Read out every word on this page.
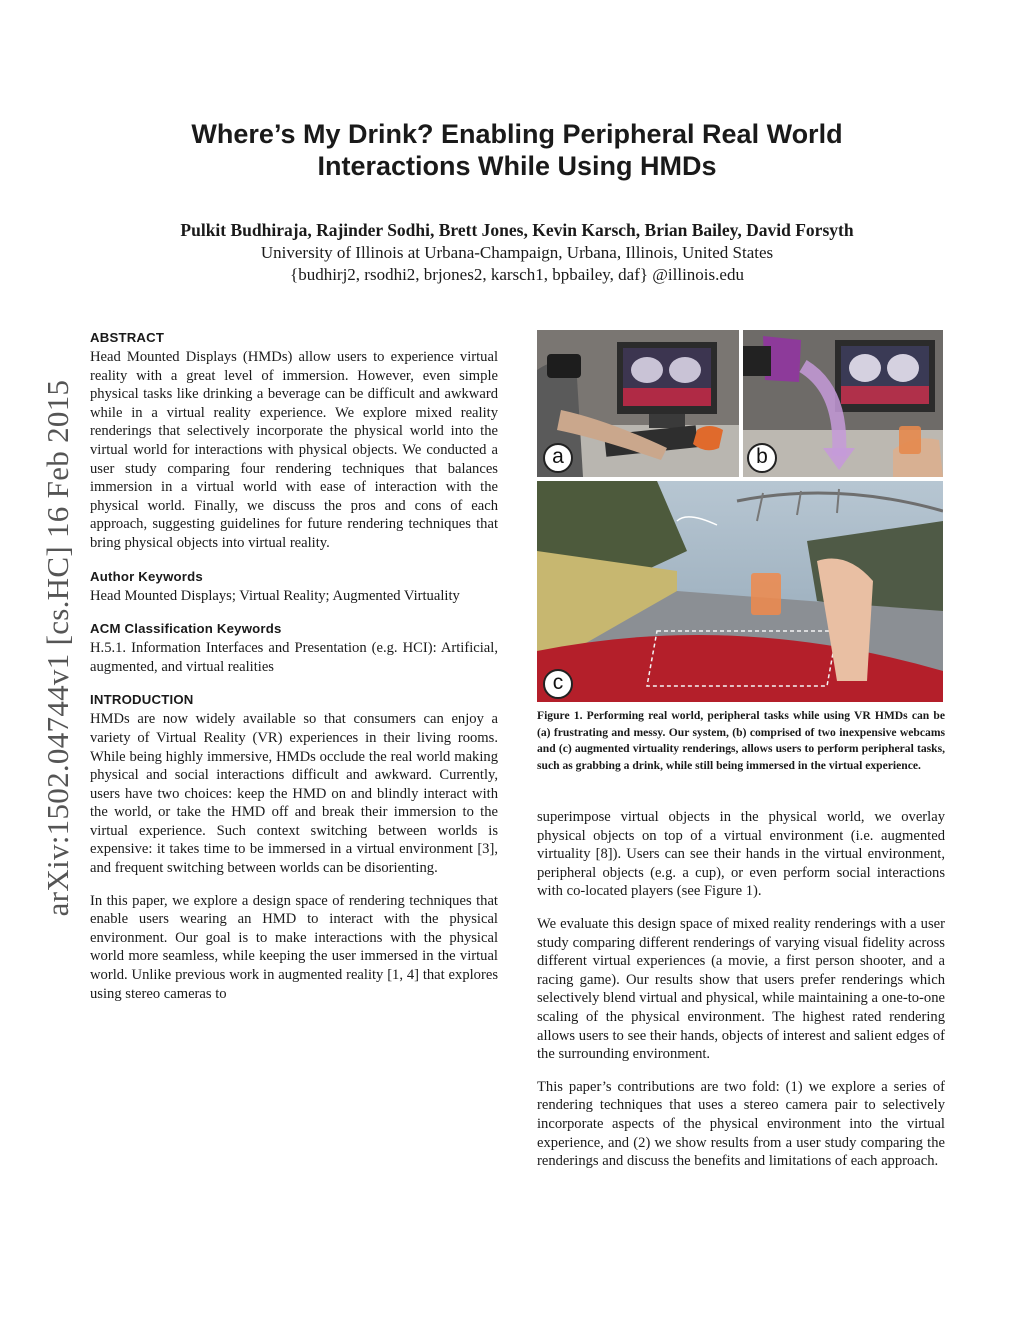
arXiv:1502.04744v1 [cs.HC] 16 Feb 2015
Where’s My Drink? Enabling Peripheral Real World
Interactions While Using HMDs

Pulkit Budhiraja, Rajinder Sodhi, Brett Jones, Kevin Karsch, Brian Bailey, David Forsyth

University of Illinois at Urbana-Champaign, Urbana, Illinois, United States

{budhirj2, rsodhi2, brjones2, karsch1, bpbailey, daf} @illinois.edu

ABSTRACT

Head Mounted Displays (HMDs) allow users to experience virtual reality with a great level of immersion. However, even simple physical tasks like drinking a beverage can be difficult and awkward while in a virtual reality experience. We explore mixed reality renderings that selectively incorporate the physical world into the virtual world for interactions with physical objects. We conducted a user study comparing four rendering techniques that balances immersion in a virtual world with ease of interaction with the physical world. Finally, we discuss the pros and cons of each approach, suggesting guidelines for future rendering techniques that bring physical objects into virtual reality.

Author Keywords

Head Mounted Displays; Virtual Reality; Augmented Virtuality

ACM Classification Keywords

H.5.1. Information Interfaces and Presentation (e.g. HCI): Artificial, augmented, and virtual realities

INTRODUCTION

HMDs are now widely available so that consumers can enjoy a variety of Virtual Reality (VR) experiences in their living rooms. While being highly immersive, HMDs occlude the real world making physical and social interactions difficult and awkward. Currently, users have two choices: keep the HMD on and blindly interact with the world, or take the HMD off and break their immersion to the virtual experience. Such context switching between worlds is expensive: it takes time to be immersed in a virtual environment [3], and frequent switching between worlds can be disorienting.

In this paper, we explore a design space of rendering techniques that enable users wearing an HMD to interact with the physical environment. Our goal is to make interactions with the physical world more seamless, while keeping the user immersed in the virtual world. Unlike previous work in augmented reality [1, 4] that explores using stereo cameras to

a	b
c

Figure 1. Performing real world, peripheral tasks while using VR HMDs can be (a) frustrating and messy. Our system, (b) comprised of two inexpensive webcams and (c) augmented virtuality renderings, allows users to perform peripheral tasks, such as grabbing a drink, while still being immersed in the virtual experience.

superimpose virtual objects in the physical world, we overlay physical objects on top of a virtual environment (i.e. augmented virtuality [8]). Users can see their hands in the virtual environment, peripheral objects (e.g. a cup), or even perform social interactions with co-located players (see Figure 1).

We evaluate this design space of mixed reality renderings with a user study comparing different renderings of varying visual fidelity across different virtual experiences (a movie, a first person shooter, and a racing game). Our results show that users prefer renderings which selectively blend virtual and physical, while maintaining a one-to-one scaling of the physical environment. The highest rated rendering allows users to see their hands, objects of interest and salient edges of the surrounding environment.

This paper’s contributions are two fold: (1) we explore a series of rendering techniques that uses a stereo camera pair to selectively incorporate aspects of the physical environment into the virtual experience, and (2) we show results from a user study comparing the renderings and discuss the benefits and limitations of each approach.
